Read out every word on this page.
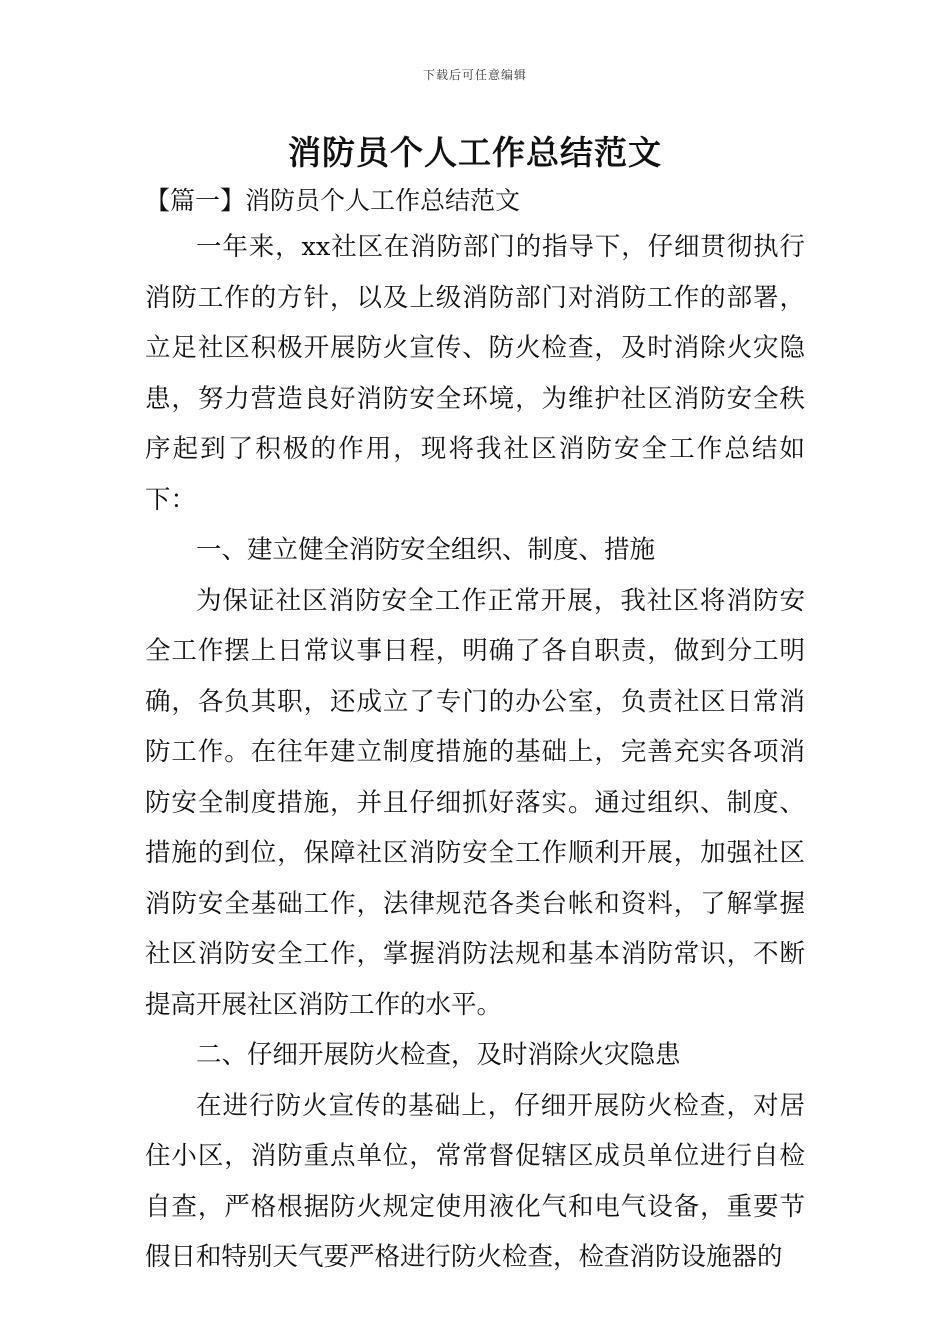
下载后可任意编辑
消防员个人工作总结范文
【篇一】消防员个人工作总结范文

一年来，xx社区在消防部门的指导下，仔细贯彻执行消防工作的方针，以及上级消防部门对消防工作的部署，立足社区积极开展防火宣传、防火检查，及时消除火灾隐患，努力营造良好消防安全环境，为维护社区消防安全秩序起到了积极的作用，现将我社区消防安全工作总结如下：

一、建立健全消防安全组织、制度、措施

为保证社区消防安全工作正常开展，我社区将消防安全工作摆上日常议事日程，明确了各自职责，做到分工明确，各负其职，还成立了专门的办公室，负责社区日常消防工作。在往年建立制度措施的基础上，完善充实各项消防安全制度措施，并且仔细抓好落实。通过组织、制度、措施的到位，保障社区消防安全工作顺利开展，加强社区消防安全基础工作，法律规范各类台帐和资料，了解掌握社区消防安全工作，掌握消防法规和基本消防常识，不断提高开展社区消防工作的水平。

二、仔细开展防火检查，及时消除火灾隐患

在进行防火宣传的基础上，仔细开展防火检查，对居住小区，消防重点单位，常常督促辖区成员单位进行自检自查，严格根据防火规定使用液化气和电气设备，重要节假日和特别天气要严格进行防火检查，检查消防设施器的
